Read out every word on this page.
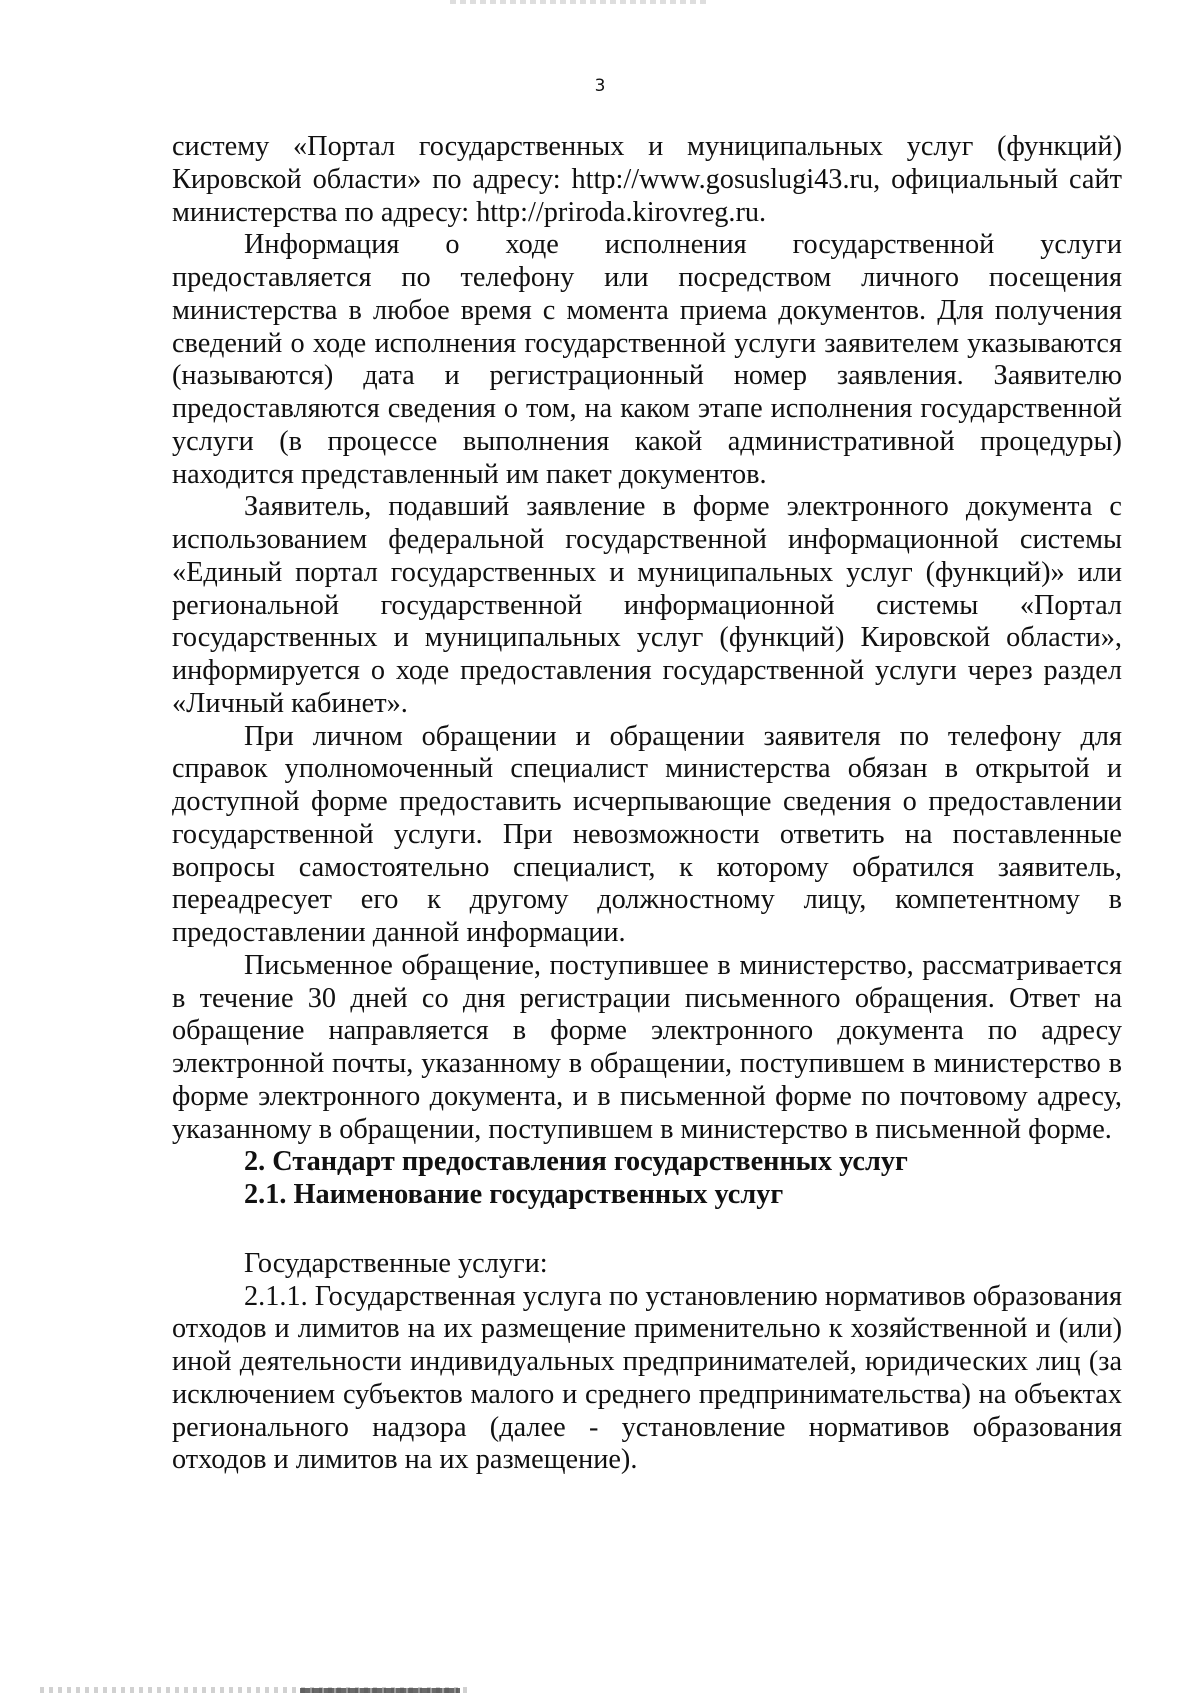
3

систему «Портал государственных и муниципальных услуг (функций) Кировской области» по адресу: http://www.gosuslugi43.ru, официальный сайт министерства по адресу: http://priroda.kirovreg.ru.

Информация о ходе исполнения государственной услуги предоставляется по телефону или посредством личного посещения министерства в любое время с момента приема документов. Для получения сведений о ходе исполнения государственной услуги заявителем указываются (называются) дата и регистрационный номер заявления. Заявителю предоставляются сведения о том, на каком этапе исполнения государственной услуги (в процессе выполнения какой административной процедуры) находится представленный им пакет документов.

Заявитель, подавший заявление в форме электронного документа с использованием федеральной государственной информационной системы «Единый портал государственных и муниципальных услуг (функций)» или региональной государственной информационной системы «Портал государственных и муниципальных услуг (функций) Кировской области», информируется о ходе предоставления государственной услуги через раздел «Личный кабинет».

При личном обращении и обращении заявителя по телефону для справок уполномоченный специалист министерства обязан в открытой и доступной форме предоставить исчерпывающие сведения о предоставлении государственной услуги. При невозможности ответить на поставленные вопросы самостоятельно специалист, к которому обратился заявитель, переадресует его к другому должностному лицу, компетентному в предоставлении данной информации.

Письменное обращение, поступившее в министерство, рассматривается в течение 30 дней со дня регистрации письменного обращения. Ответ на обращение направляется в форме электронного документа по адресу электронной почты, указанному в обращении, поступившем в министерство в форме электронного документа, и в письменной форме по почтовому адресу, указанному в обращении, поступившем в министерство в письменной форме.

2. Стандарт предоставления государственных услуг

2.1. Наименование государственных услуг

Государственные услуги:

2.1.1. Государственная услуга по установлению нормативов образования отходов и лимитов на их размещение применительно к хозяйственной и (или) иной деятельности индивидуальных предпринимателей, юридических лиц (за исключением субъектов малого и среднего предпринимательства) на объектах регионального надзора (далее - установление нормативов образования отходов и лимитов на их размещение).
